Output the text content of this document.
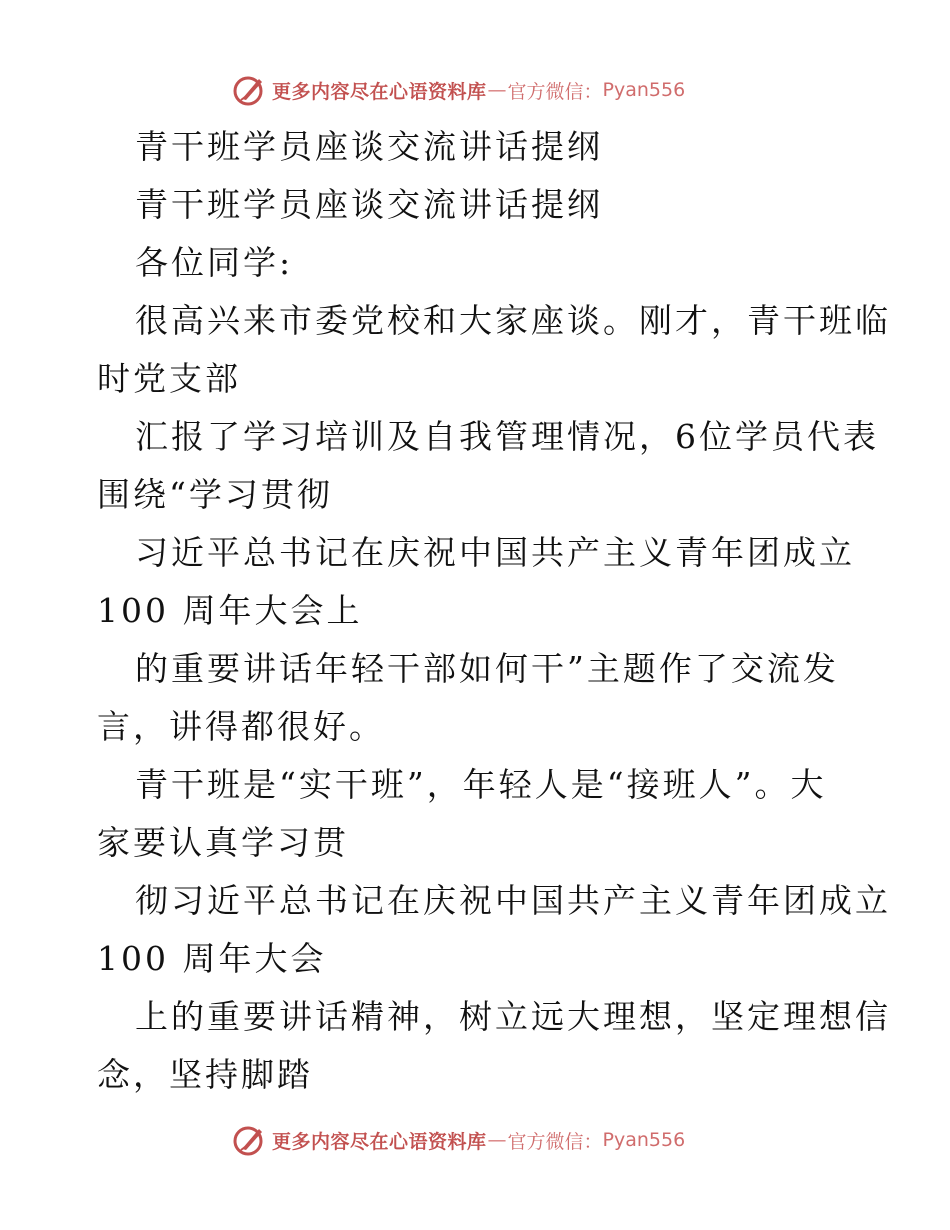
更多内容尽在心语资料库 — 官方微信： Pyan556
青干班学员座谈交流讲话提纲
青干班学员座谈交流讲话提纲
各位同学:
很高兴来市委党校和大家座谈。刚才，青干班临
时党支部
汇报了学习培训及自我管理情况，6位学员代表
围绕“学习贯彻
习近平总书记在庆祝中国共产主义青年团成立
100 周年大会上
的重要讲话年轻干部如何干”主题作了交流发
言，讲得都很好。
青干班是“实干班”，年轻人是“接班人”。大
家要认真学习贯
彻习近平总书记在庆祝中国共产主义青年团成立
100 周年大会
上的重要讲话精神，树立远大理想，坚定理想信
念，坚持脚踏
更多内容尽在心语资料库 — 官方微信： Pyan556
